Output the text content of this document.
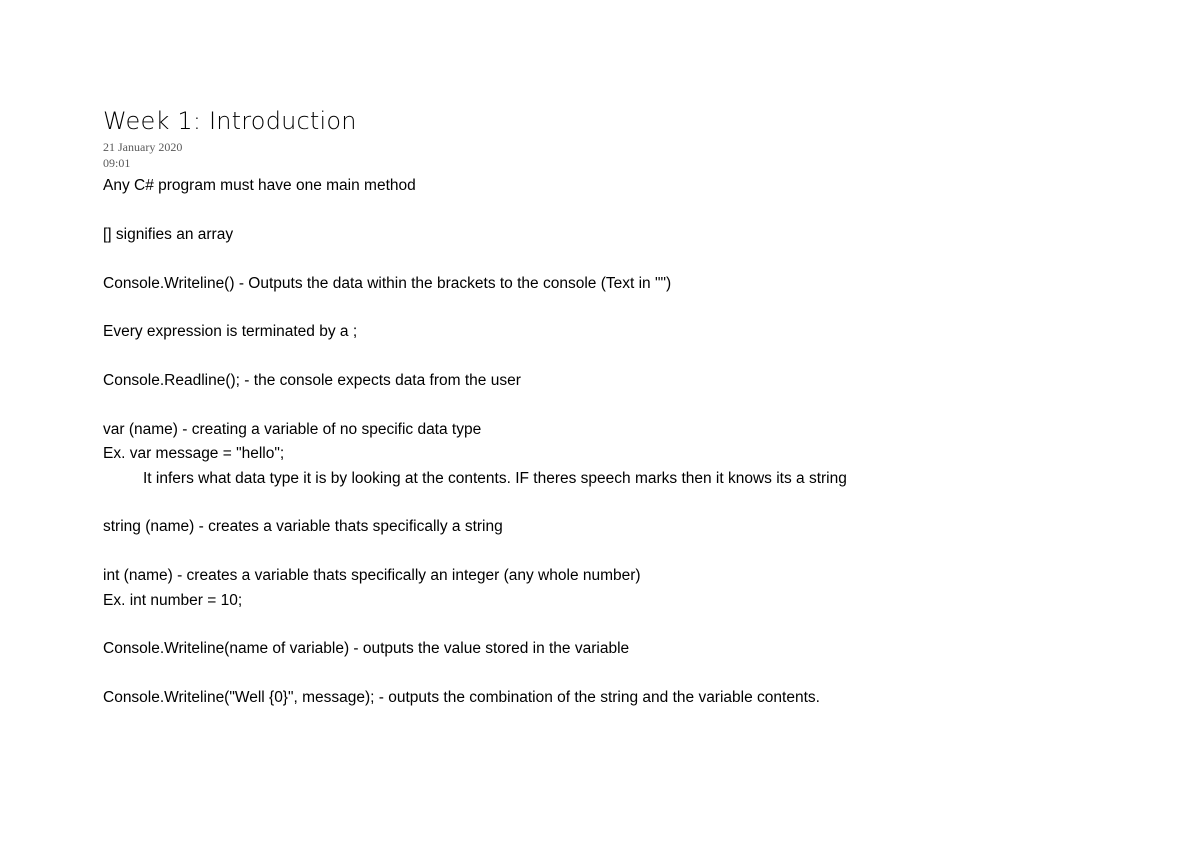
Week 1: Introduction
21 January 2020
09:01
Any C# program must have one main method
[] signifies an array
Console.Writeline() - Outputs the data within the brackets to the console (Text in "")
Every expression is terminated by a ;
Console.Readline(); - the console expects data from the user
var (name) - creating a variable of no specific data type
Ex. var message = "hello";
It infers what data type it is by looking at the contents. IF theres speech marks then it knows its a string
string (name) - creates a variable thats specifically a string
int (name) - creates a variable thats specifically an integer (any whole number)
Ex. int number = 10;
Console.Writeline(name of variable) - outputs the value stored in the variable
Console.Writeline("Well {0}", message); - outputs the combination of the string and the variable contents.
